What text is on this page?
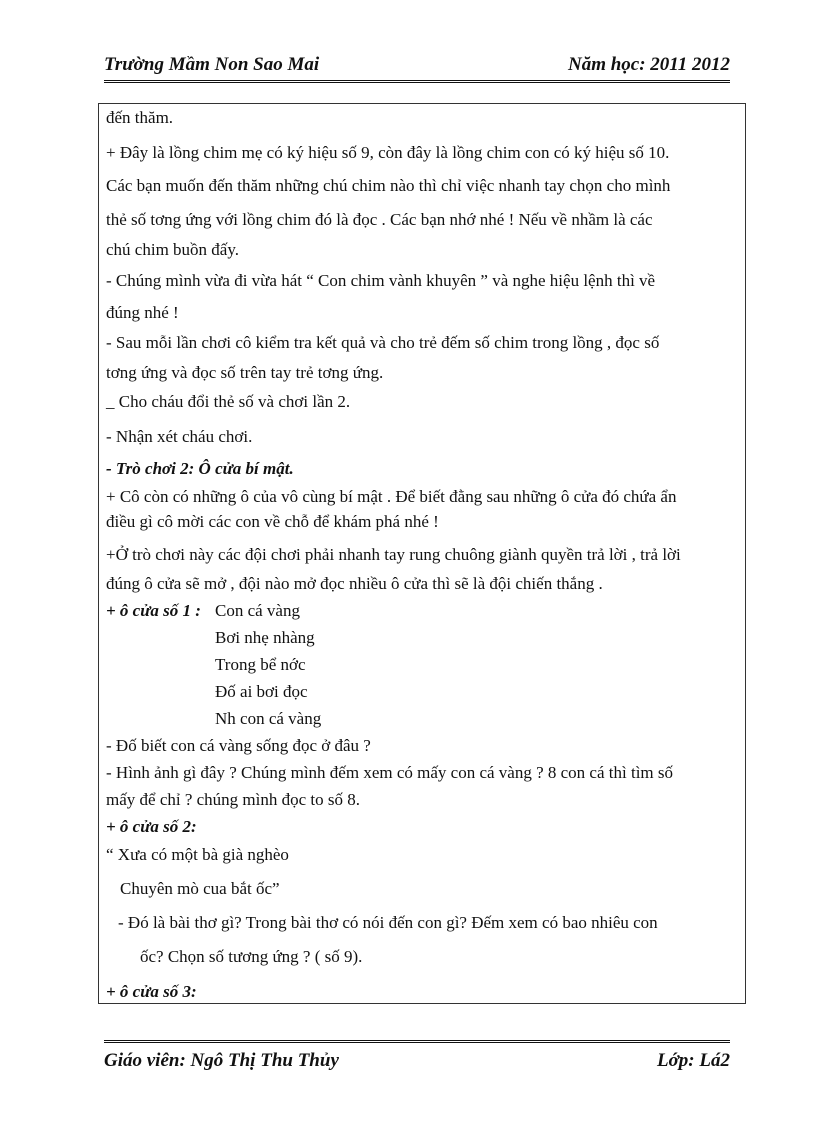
Trường Mầm Non Sao Mai	Năm học: 2011 2012
đến thăm.
+ Đây là lồng chim mẹ có ký hiệu số 9, còn đây là lồng chim con có ký hiệu số 10.
Các bạn muốn đến thăm những chú chim nào thì chỉ việc nhanh tay chọn cho mình
thẻ số tơng ứng với lồng chim đó là đọc . Các bạn nhớ nhé ! Nếu về nhầm là các
chú chim buồn đấy.
- Chúng mình vừa đi vừa hát “ Con chim vành khuyên ” và nghe hiệu lệnh thì về
đúng nhé !
- Sau mỗi lần chơi cô kiểm tra kết quả và cho trẻ đếm số chim trong lồng , đọc số
tơng ứng và đọc số trên tay trẻ tơng ứng.
_ Cho cháu đổi thẻ số và chơi lần 2.
- Nhận xét cháu chơi.
- Trò chơi 2: Ô cửa bí mật.
+ Cô còn có những ô của vô cùng bí mật . Để biết đằng sau những ô cửa đó chứa ẩn
điều gì cô mời các con về chỗ để khám phá nhé !
+Ở trò chơi này các đội chơi phải nhanh tay rung chuông giành quyền trả lời , trả lời
đúng ô cửa sẽ mở , đội nào mở đọc nhiều ô cửa thì sẽ là đội chiến thắng .
+ ô cửa số 1 : Con cá vàng
Bơi nhẹ nhàng
Trong bể nớc
Đố ai bơi đọc
Nh con cá vàng
- Đố biết con cá vàng sống đọc ở đâu ?
- Hình ảnh gì đây ? Chúng mình đếm xem có mấy con cá vàng ? 8 con cá thì tìm số
mấy để chỉ ? chúng mình đọc to số 8.
+ ô cửa số 2:
“ Xưa có một bà già nghèo
Chuyên mò cua bắt ốc”
- Đó là bài thơ gì? Trong bài thơ có nói đến con gì? Đếm xem có bao nhiêu con
ốc? Chọn số tương ứng ? ( số 9).
+ ô cửa số 3:
Giáo viên: Ngô Thị Thu Thủy	Lớp: Lá2
